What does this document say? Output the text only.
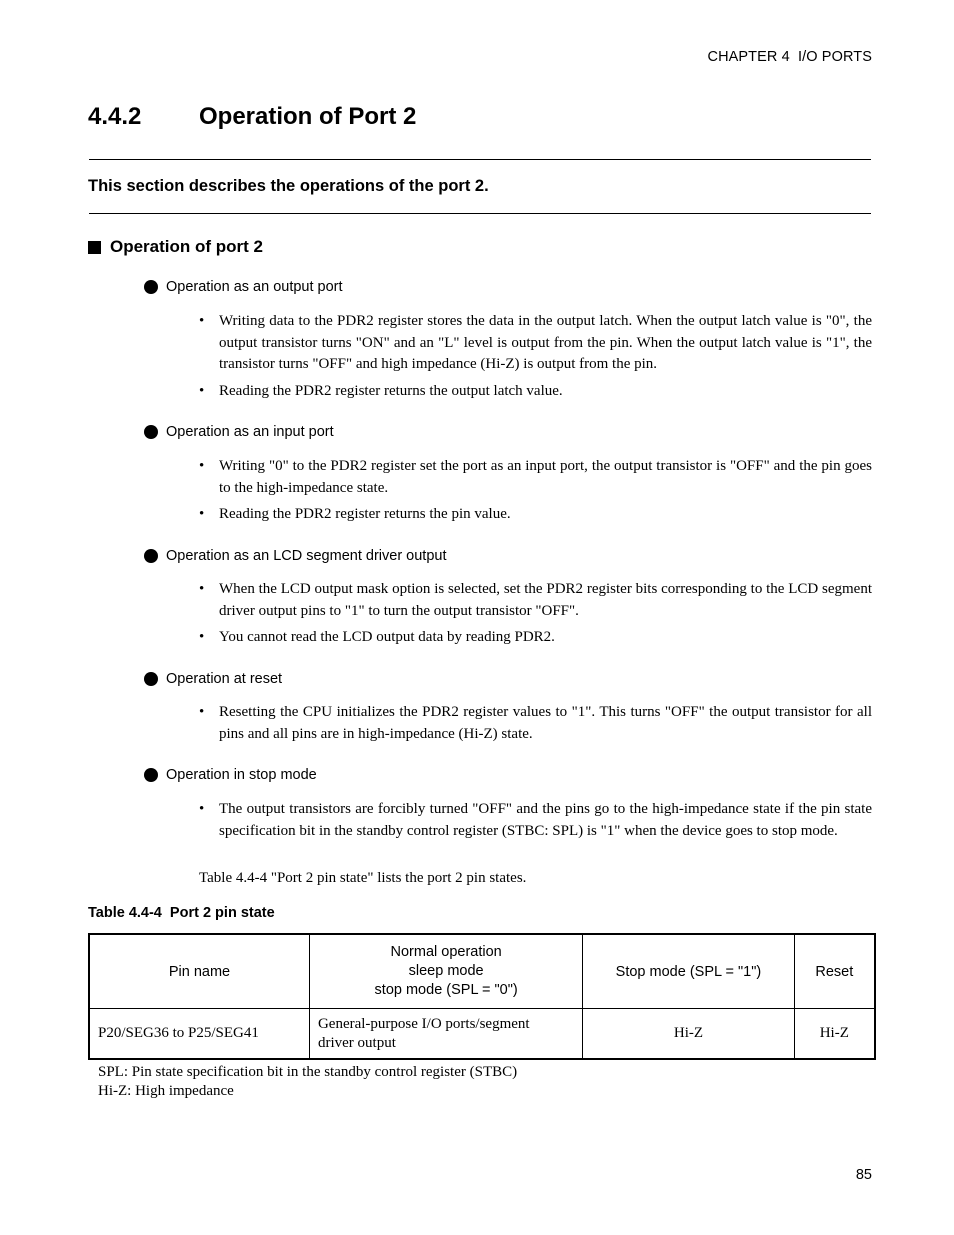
CHAPTER 4  I/O PORTS
4.4.2 Operation of Port 2
This section describes the operations of the port 2.
Operation of port 2
Operation as an output port
• Writing data to the PDR2 register stores the data in the output latch. When the output latch value is "0", the output transistor turns "ON" and an "L" level is output from the pin. When the output latch value is "1", the transistor turns "OFF" and high impedance (Hi-Z) is output from the pin.
• Reading the PDR2 register returns the output latch value.
Operation as an input port
• Writing "0" to the PDR2 register set the port as an input port, the output transistor is "OFF" and the pin goes to the high-impedance state.
• Reading the PDR2 register returns the pin value.
Operation as an LCD segment driver output
• When the LCD output mask option is selected, set the PDR2 register bits corresponding to the LCD segment driver output pins to "1" to turn the output transistor "OFF".
• You cannot read the LCD output data by reading PDR2.
Operation at reset
• Resetting the CPU initializes the PDR2 register values to "1". This turns "OFF" the output transistor for all pins and all pins are in high-impedance (Hi-Z) state.
Operation in stop mode
• The output transistors are forcibly turned "OFF" and the pins go to the high-impedance state if the pin state specification bit in the standby control register (STBC: SPL) is "1" when the device goes to stop mode.
Table 4.4-4 "Port 2 pin state" lists the port 2 pin states.
Table 4.4-4  Port 2 pin state
Pin name	Normal operation
sleep mode
stop mode (SPL = "0")	Stop mode (SPL = "1")	Reset
P20/SEG36 to P25/SEG41	General-purpose I/O ports/segment
driver output	Hi-Z	Hi-Z
SPL: Pin state specification bit in the standby control register (STBC)
Hi-Z: High impedance
85
